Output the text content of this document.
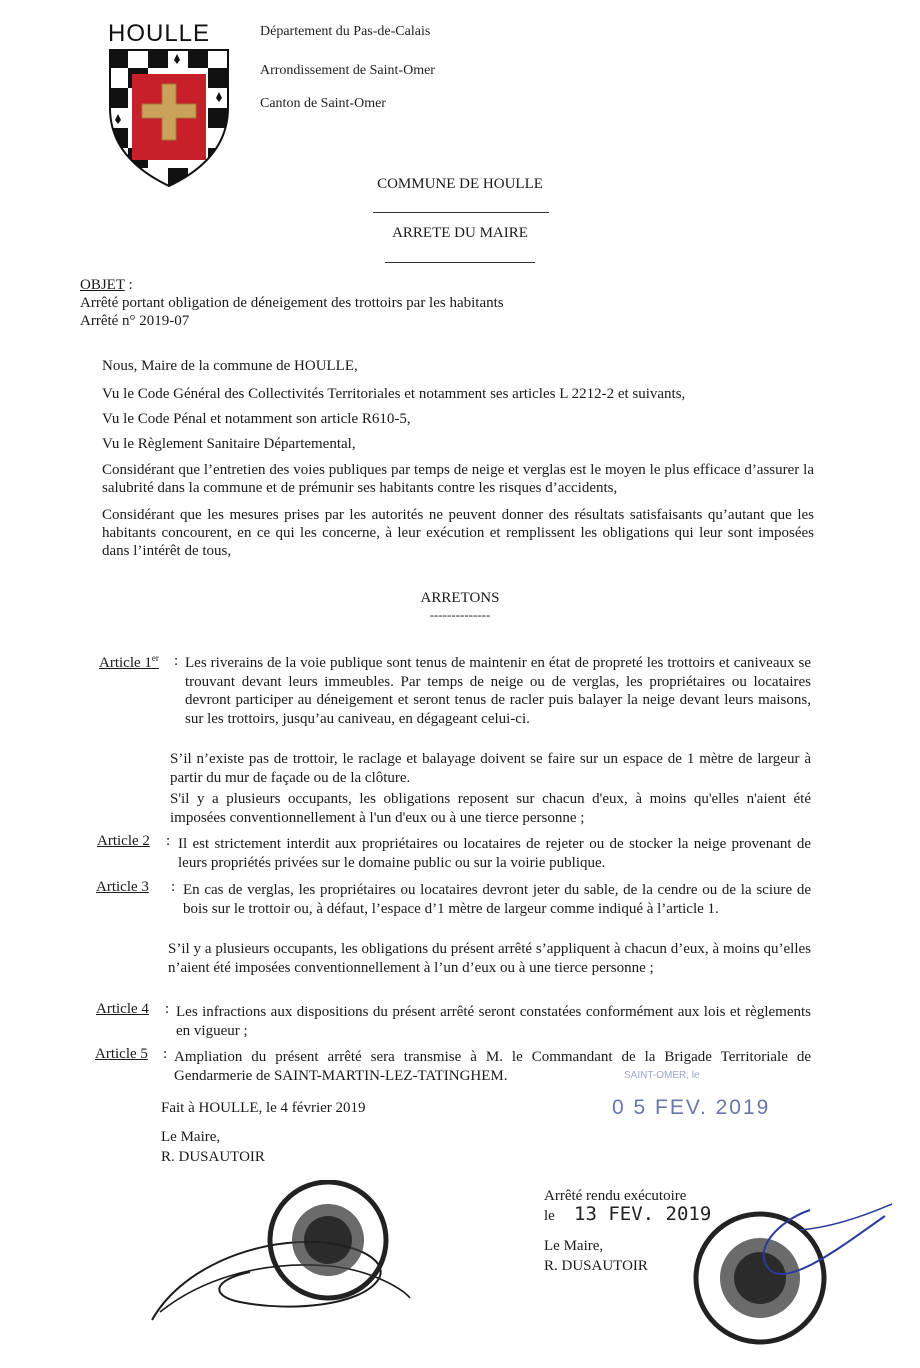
HOULLE	Département du Pas-de-Calais
Arrondissement de Saint-Omer
Canton de Saint-Omer
COMMUNE DE HOULLE
ARRETE DU MAIRE
OBJET :
Arrêté portant obligation de déneigement des trottoirs par les habitants
Arrêté n° 2019-07
Nous, Maire de la commune de HOULLE,
Vu le Code Général des Collectivités Territoriales et notamment ses articles L 2212-2 et suivants,
Vu le Code Pénal et notamment son article R610-5,
Vu le Règlement Sanitaire Départemental,
Considérant que l’entretien des voies publiques par temps de neige et verglas est le moyen le plus efficace d’assurer la salubrité dans la commune et de prémunir ses habitants contre les risques d’accidents,
Considérant que les mesures prises par les autorités ne peuvent donner des résultats satisfaisants qu’autant que les habitants concourent, en ce qui les concerne, à leur exécution et remplissent les obligations qui leur sont imposées dans l’intérêt de tous,
ARRETONS
--------------
Article 1er : Les riverains de la voie publique sont tenus de maintenir en état de propreté les trottoirs et caniveaux se trouvant devant leurs immeubles. Par temps de neige ou de verglas, les propriétaires ou locataires devront participer au déneigement et seront tenus de racler puis balayer la neige devant leurs maisons, sur les trottoirs, jusqu’au caniveau, en dégageant celui-ci.
S’il n’existe pas de trottoir, le raclage et balayage doivent se faire sur un espace de 1 mètre de largeur à partir du mur de façade ou de la clôture.
S'il y a plusieurs occupants, les obligations reposent sur chacun d'eux, à moins qu'elles n'aient été imposées conventionnellement à l'un d'eux ou à une tierce personne ;
Article 2 : Il est strictement interdit aux propriétaires ou locataires de rejeter ou de stocker la neige provenant de leurs propriétés privées sur le domaine public ou sur la voirie publique.
Article 3 : En cas de verglas, les propriétaires ou locataires devront jeter du sable, de la cendre ou de la sciure de bois sur le trottoir ou, à défaut, l’espace d’1 mètre de largeur comme indiqué à l’article 1.
S’il y a plusieurs occupants, les obligations du présent arrêté s’appliquent à chacun d’eux, à moins qu’elles n’aient été imposées conventionnellement à l’un d’eux ou à une tierce personne ;
Article 4 : Les infractions aux dispositions du présent arrêté seront constatées conformément aux lois et règlements en vigueur ;
Article 5 : Ampliation du présent arrêté sera transmise à M. le Commandant de la Brigade Territoriale de Gendarmerie de SAINT-MARTIN-LEZ-TATINGHEM.	SAINT-OMER, le
0 5 FEV. 2019
Fait à HOULLE, le 4 février 2019
Le Maire,
R. DUSAUTOIR
Arrêté rendu exécutoire
le 13 FEV. 2019
Le Maire,
R. DUSAUTOIR
